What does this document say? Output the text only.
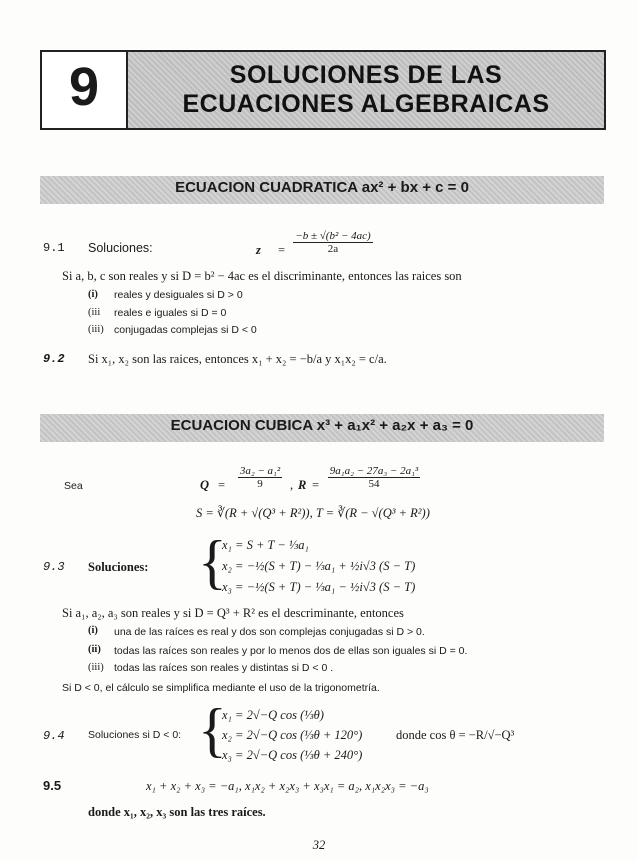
9	SOLUCIONES DE LAS
ECUACIONES ALGEBRAICAS
ECUACION CUADRATICA ax² + bx + c = 0
9.1 Soluciones:	$z = \frac{\text{−b ± √(b² − 4ac)}}{2a}$
Si a, b, c son reales y si D = b² − 4ac es el discriminante, entonces las raices son
(i) reales y desiguales si D > 0
(iii reales e iguales si D = 0
(iii) conjugadas complejas si D < 0
9.2 Si x₁, x₂ son las raices, entonces x₁ + x₂ = −b/a y x₁x₂ = c/a.
ECUACION CUBICA x³ + a₁x² + a₂x + a₃ = 0
Sea	$Q = \frac{\text{3a₂ − a₁²}}{9}$ , $R = \frac{\text{9a₁a₂ − 27a₃ − 2a₁³}}{54}$
S = ∛(R + √(Q³ + R²)), T = ∛(R − √(Q³ + R²))
9.3 Soluciones: {
x₁ = S + T − ⅓a₁
x₂ = −½(S + T) − ⅓a₁ + ½i√3 (S − T)
x₃ = −½(S + T) − ⅓a₁ − ½i√3 (S − T)
Si a₁, a₂, a₃ son reales y si D = Q³ + R² es el descriminante, entonces
(i) una de las raíces es real y dos son complejas conjugadas si D > 0.
(ii) todas las raíces son reales y por lo menos dos de ellas son iguales si D = 0.
(iii) todas las raíces son reales y distintas si D < 0 .
Si D < 0, el cálculo se simplifica mediante el uso de la trigonometría.
9.4 Soluciones si D < 0: {
x₁ = 2√−Q cos (⅓θ)
x₂ = 2√−Q cos (⅓θ + 120°)
x₃ = 2√−Q cos (⅓θ + 240°)
donde cos θ = −R/√−Q³
9.5	x₁ + x₂ + x₃ = −a₁, x₁x₂ + x₂x₃ + x₃x₁ = a₂, x₁x₂x₃ = −a₃
donde x₁, x₂, x₃ son las tres raíces.
32
